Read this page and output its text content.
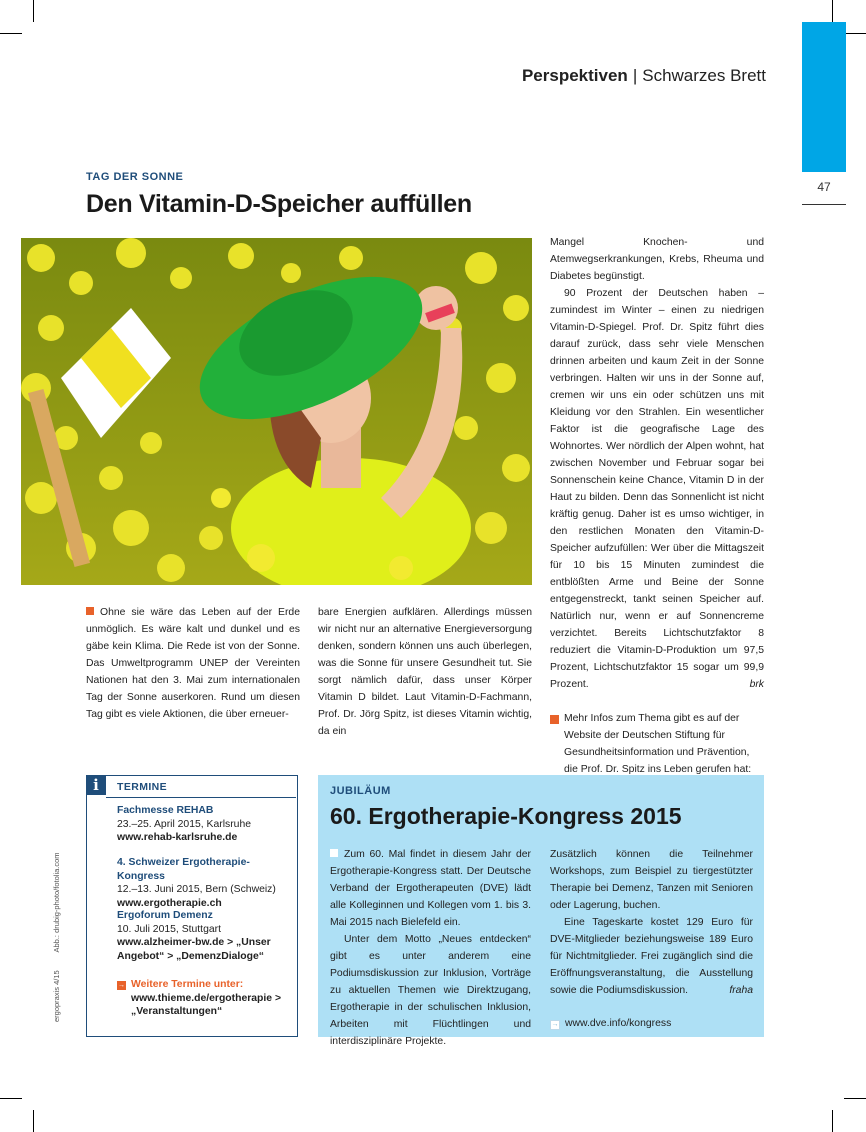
Perspektiven | Schwarzes Brett
47
TAG DER SONNE
Den Vitamin-D-Speicher auffüllen

Ohne sie wäre das Leben auf der Erde unmöglich. Es wäre kalt und dunkel und es gäbe kein Klima. Die Rede ist von der Sonne. Das Umweltprogramm UNEP der Vereinten Nationen hat den 3. Mai zum internationalen Tag der Sonne auserkoren. Rund um diesen Tag gibt es viele Aktionen, die über erneuer-

bare Energien aufklären. Allerdings müssen wir nicht nur an alternative Energieversorgung denken, sondern können uns auch überlegen, was die Sonne für unsere Gesundheit tut. Sie sorgt nämlich dafür, dass unser Körper Vitamin D bildet. Laut Vitamin-D-Fachmann, Prof. Dr. Jörg Spitz, ist dieses Vitamin wichtig, da ein

Mangel Knochen- und Atemwegserkrankungen, Krebs, Rheuma und Diabetes begünstigt.

90 Prozent der Deutschen haben – zumindest im Winter – einen zu niedrigen Vitamin-D-Spiegel. Prof. Dr. Spitz führt dies darauf zurück, dass sehr viele Menschen drinnen arbeiten und kaum Zeit in der Sonne verbringen. Halten wir uns in der Sonne auf, cremen wir uns ein oder schützen uns mit Kleidung vor den Strahlen. Ein wesentlicher Faktor ist die geografische Lage des Wohnortes. Wer nördlich der Alpen wohnt, hat zwischen November und Februar sogar bei Sonnenschein keine Chance, Vitamin D in der Haut zu bilden. Denn das Sonnenlicht ist nicht kräftig genug. Daher ist es umso wichtiger, in den restlichen Monaten den Vitamin-D-Speicher aufzufüllen: Wer über die Mittagszeit für 10 bis 15 Minuten zumindest die entblößten Arme und Beine der Sonne entgegenstreckt, tankt seinen Speicher auf. Natürlich nur, wenn er auf Sonnencreme verzichtet. Bereits Lichtschutzfaktor 8 reduziert die Vitamin-D-Produktion um 97,5 Prozent, Lichtschutzfaktor 15 sogar um 99,9 Prozent.	brk

→ Mehr Infos zum Thema gibt es auf der Website der Deutschen Stiftung für Gesundheitsinformation und Prävention, die Prof. Dr. Spitz ins Leben gerufen hat:

i	TERMINE
Fachmesse REHAB
23.–25. April 2015, Karlsruhe
www.rehab-karlsruhe.de
4. Schweizer Ergotherapie-Kongress
12.–13. Juni 2015, Bern (Schweiz)
www.ergotherapie.ch
Ergoforum Demenz
10. Juli 2015, Stuttgart
www.alzheimer-bw.de > „Unser Angebot“ > „DemenzDialoge“
→ Weitere Termine unter:
www.thieme.de/ergotherapie > „Veranstaltungen“
JUBILÄUM
60. Ergotherapie-Kongress 2015

Zum 60. Mal findet in diesem Jahr der Ergotherapie-Kongress statt. Der Deutsche Verband der Ergotherapeuten (DVE) lädt alle Kolleginnen und Kollegen vom 1. bis 3. Mai 2015 nach Bielefeld ein.

Unter dem Motto „Neues entdecken“ gibt es unter anderem eine Podiumsdiskussion zur Inklusion, Vorträge zu aktuellen Themen wie Direktzugang, Ergotherapie in der schulischen Inklusion, Arbeiten mit Flüchtlingen und interdisziplinäre Projekte.

Zusätzlich können die Teilnehmer Workshops, zum Beispiel zu tiergestützter Therapie bei Demenz, Tanzen mit Senioren oder Lagerung, buchen.

Eine Tageskarte kostet 129 Euro für DVE-Mitglieder beziehungsweise 189 Euro für Nichtmitglieder. Frei zugänglich sind die Eröffnungsveranstaltung, die Ausstellung sowie die Podiumsdiskussion.	fraha

→ www.dve.info/kongress

ergopraxis 4/15  Abb.: drubig-photo/fotolia.com
